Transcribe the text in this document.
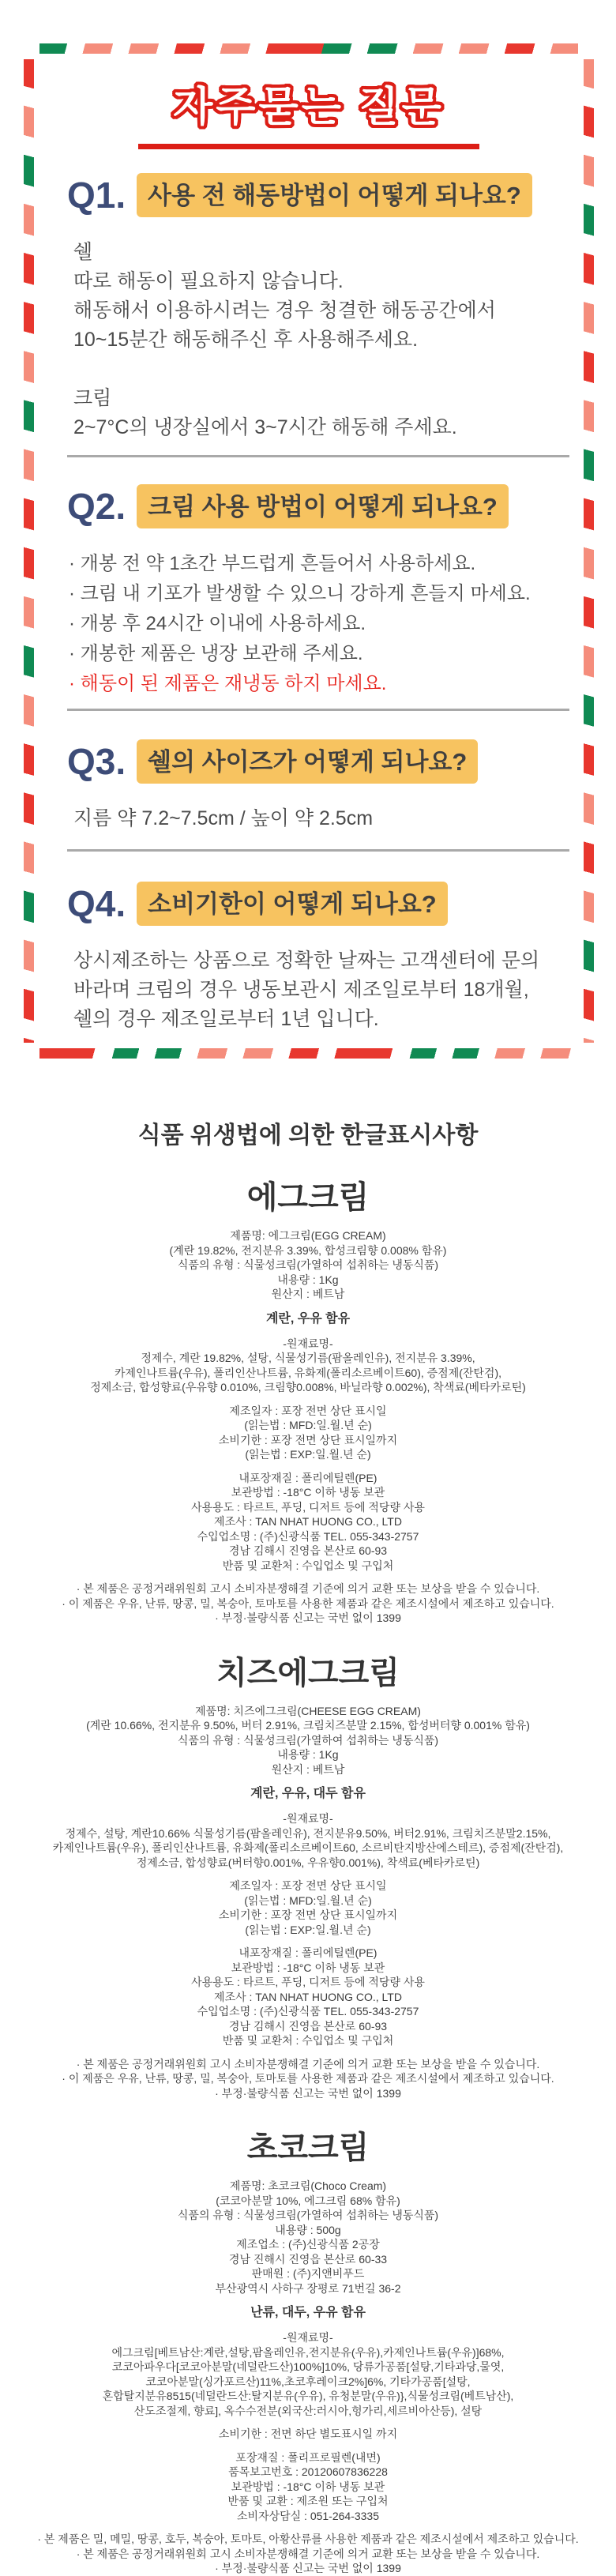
자주묻는 질문
Q1. 사용 전 해동방법이 어떻게 되나요?
쉘
따로 해동이 필요하지 않습니다.
해동해서 이용하시려는 경우 청결한 해동공간에서
10~15분간 해동해주신 후 사용해주세요.
크림
2~7°C의 냉장실에서 3~7시간 해동해 주세요.
Q2. 크림 사용 방법이 어떻게 되나요?
· 개봉 전 약 1초간 부드럽게 흔들어서 사용하세요.
· 크림 내 기포가 발생할 수 있으니 강하게 흔들지 마세요.
· 개봉 후 24시간 이내에 사용하세요.
· 개봉한 제품은 냉장 보관해 주세요.
· 해동이 된 제품은 재냉동 하지 마세요.
Q3. 쉘의 사이즈가 어떻게 되나요?
지름 약 7.2~7.5cm / 높이 약 2.5cm
Q4. 소비기한이 어떻게 되나요?
상시제조하는 상품으로 정확한 날짜는 고객센터에 문의
바라며 크림의 경우 냉동보관시 제조일로부터 18개월,
쉘의 경우 제조일로부터 1년 입니다.
식품 위생법에 의한 한글표시사항
에그크림
제품명: 에그크림(EGG CREAM)
(계란 19.82%, 전지분유 3.39%, 합성크림향 0.008% 함유)
식품의 유형 : 식물성크림(가열하여 섭취하는 냉동식품)
내용량 : 1Kg
원산지 : 베트남
계란, 우유 함유
-원재료명-
정제수, 계란 19.82%, 설탕, 식물성기름(팜올레인유), 전지분유 3.39%,
카제인나트륨(우유), 폴리인산나트륨, 유화제(폴리소르베이트60), 증점제(잔탄검),
정제소금, 합성향료(우유향 0.010%, 크림향0.008%, 바닐라향 0.002%), 착색료(베타카로틴)
제조일자 : 포장 전면 상단 표시일
(읽는법 : MFD:일.월.년 순)
소비기한 : 포장 전면 상단 표시일까지
(읽는법 : EXP:일.월.년 순)
내포장재질 : 폴리에틸렌(PE)
보관방법 : -18°C 이하 냉동 보관
사용용도 : 타르트, 푸딩, 디저트 등에 적당량 사용
제조사 : TAN NHAT HUONG CO., LTD
수입업소명 : (주)신광식품 TEL. 055-343-2757
경남 김해시 진영읍 본산로 60-93
반품 및 교환처 : 수입업소 및 구입처
· 본 제품은 공정거래위원회 고시 소비자분쟁해결 기준에 의거 교환 또는 보상을 받을 수 있습니다.
· 이 제품은 우유, 난류, 땅콩, 밀, 복숭아, 토마토를 사용한 제품과 같은 제조시설에서 제조하고 있습니다.
· 부정·불량식품 신고는 국번 없이 1399
치즈에그크림
제품명: 치즈에그크림(CHEESE EGG CREAM)
(계란 10.66%, 전지분유 9.50%, 버터 2.91%, 크림치즈분말 2.15%, 합성버터향 0.001% 함유)
식품의 유형 : 식물성크림(가열하여 섭취하는 냉동식품)
내용량 : 1Kg
원산지 : 베트남
계란, 우유, 대두 함유
-원재료명-
정제수, 설탕, 계란10.66% 식물성기름(팜올레인유), 전지분유9.50%, 버터2.91%, 크림치즈분말2.15%,
카제인나트륨(우유), 폴리인산나트륨, 유화제(폴리소르베이트60, 소르비탄지방산에스테르), 증점제(잔탄검),
정제소금, 합성향료(버터향0.001%, 우유향0.001%), 착색료(베타카로틴)
제조일자 : 포장 전면 상단 표시일
(읽는법 : MFD:일.월.년 순)
소비기한 : 포장 전면 상단 표시일까지
(읽는법 : EXP:일.월.년 순)
내포장재질 : 폴리에틸렌(PE)
보관방법 : -18°C 이하 냉동 보관
사용용도 : 타르트, 푸딩, 디저트 등에 적당량 사용
제조사 : TAN NHAT HUONG CO., LTD
수입업소명 : (주)신광식품 TEL. 055-343-2757
경남 김해시 진영읍 본산로 60-93
반품 및 교환처 : 수입업소 및 구입처
· 본 제품은 공정거래위원회 고시 소비자분쟁해결 기준에 의거 교환 또는 보상을 받을 수 있습니다.
· 이 제품은 우유, 난류, 땅콩, 밀, 복숭아, 토마토를 사용한 제품과 같은 제조시설에서 제조하고 있습니다.
· 부정·불량식품 신고는 국번 없이 1399
초코크림
제품명: 초코크림(Choco Cream)
(코코아분말 10%, 에그크림 68% 함유)
식품의 유형 : 식물성크림(가열하여 섭취하는 냉동식품)
내용량 : 500g
제조업소 : (주)신광식품 2공장
경남 진해시 진영읍 본산로 60-33
판매원 : (주)지앤비푸드
부산광역시 사하구 장평로 71번길 36-2
난류, 대두, 우유 함유
-원재료명-
에그크림[베트남산:계란,설탕,팜올레인유,전지분유(우유),카제인나트륨(우유)]68%,
코코아파우다[코코아분말(네덜란드산)100%]10%, 당류가공품[설탕,기타과당,물엿,
코코아분말(싱가포르산)11%,초코후레이크2%]6%, 기타가공품[설탕,
혼합탈지분유8515(네덜란드산:탈지분유(우유), 유청분말(우유)},식물성크림(베트남산),
산도조절제, 향료], 옥수수전분(외국산:러시아,헝가리,세르비아산등), 설탕
소비기한 : 전면 하단 별도표시일 까지
포장재질 : 폴리프로필렌(내면)
품목보고번호 : 20120607836228
보관방법 : -18°C 이하 냉동 보관
반품 및 교환 : 제조원 또는 구입처
소비자상담실 : 051-264-3335
· 본 제품은 밀, 메밀, 땅콩, 호두, 복숭아, 토마토, 아황산류를 사용한 제품과 같은 제조시설에서 제조하고 있습니다.
· 본 제품은 공정거래위원회 고시 소비자분쟁해결 기준에 의거 교환 또는 보상을 받을 수 있습니다.
· 부정·불량식품 신고는 국번 없이 1399
